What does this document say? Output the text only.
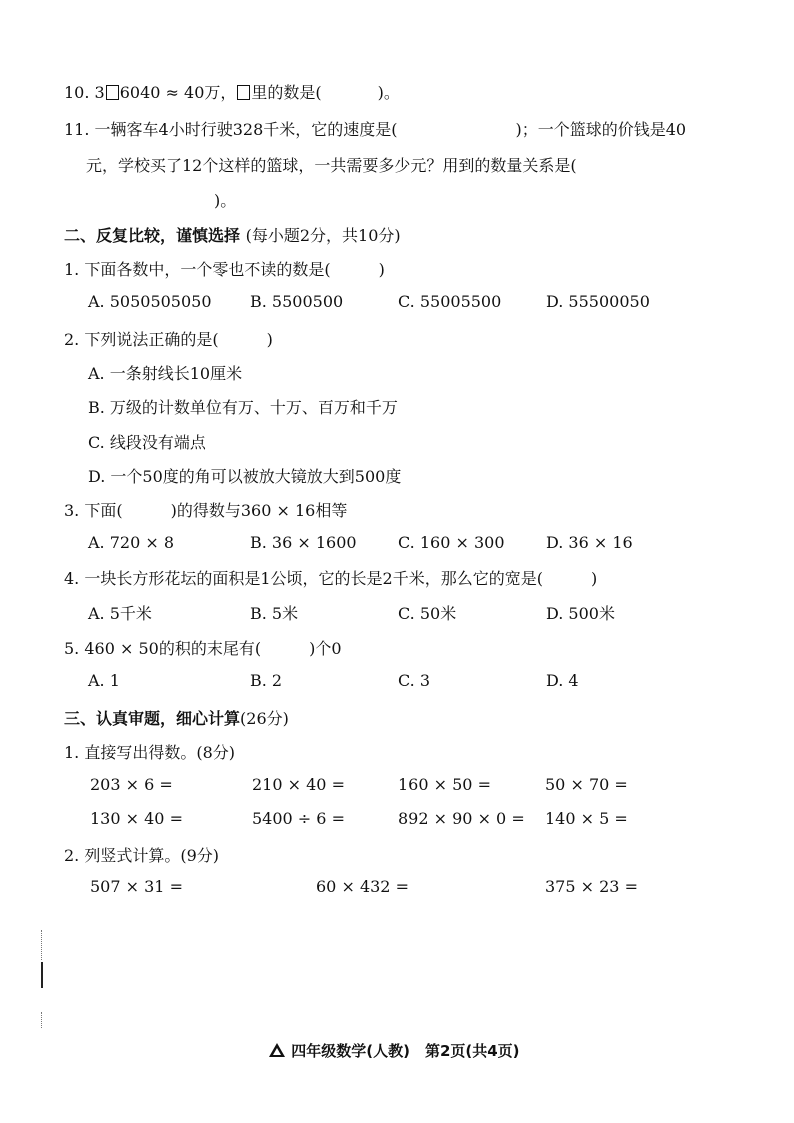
10. 3 6040 ≈ 40万， 里的数是(	)。
11. 一辆客车4小时行驶328千米，它的速度是(	)；一个篮球的价钱是40
元，学校买了12个这样的篮球，一共需要多少元？用到的数量关系是(
)。
二、反复比较，谨慎选择 (每小题2分，共10分)
1. 下面各数中，一个零也不读的数是(　　　)
A. 5050505050 B. 5500500	C. 55005500	D. 55500050
2. 下列说法正确的是(　　　)
A. 一条射线长10厘米
B. 万级的计数单位有万、十万、百万和千万
C. 线段没有端点
D. 一个50度的角可以被放大镜放大到500度
3. 下面(　　　)的得数与360 × 16相等
A. 720 × 8	B. 36 × 1600	C. 160 × 300	D. 36 × 16
4. 一块长方形花坛的面积是1公顷，它的长是2千米，那么它的宽是(　　　)
A. 5千米	B. 5米	C. 50米	D. 500米
5. 460 × 50的积的末尾有(　　　)个0
A. 1	B. 2	C. 3	D. 4
三、认真审题，细心计算(26分)
1. 直接写出得数。(8分)
203 × 6 =	210 × 40 =	160 × 50 =	50 × 70 =
130 × 40 =	5400 ÷ 6 =	892 × 90 × 0 = 140 × 5 =
2. 列竖式计算。(9分)
507 × 31 =	60 × 432 =	375 × 23 =
四年级数学(人教)　第2页(共4页)
